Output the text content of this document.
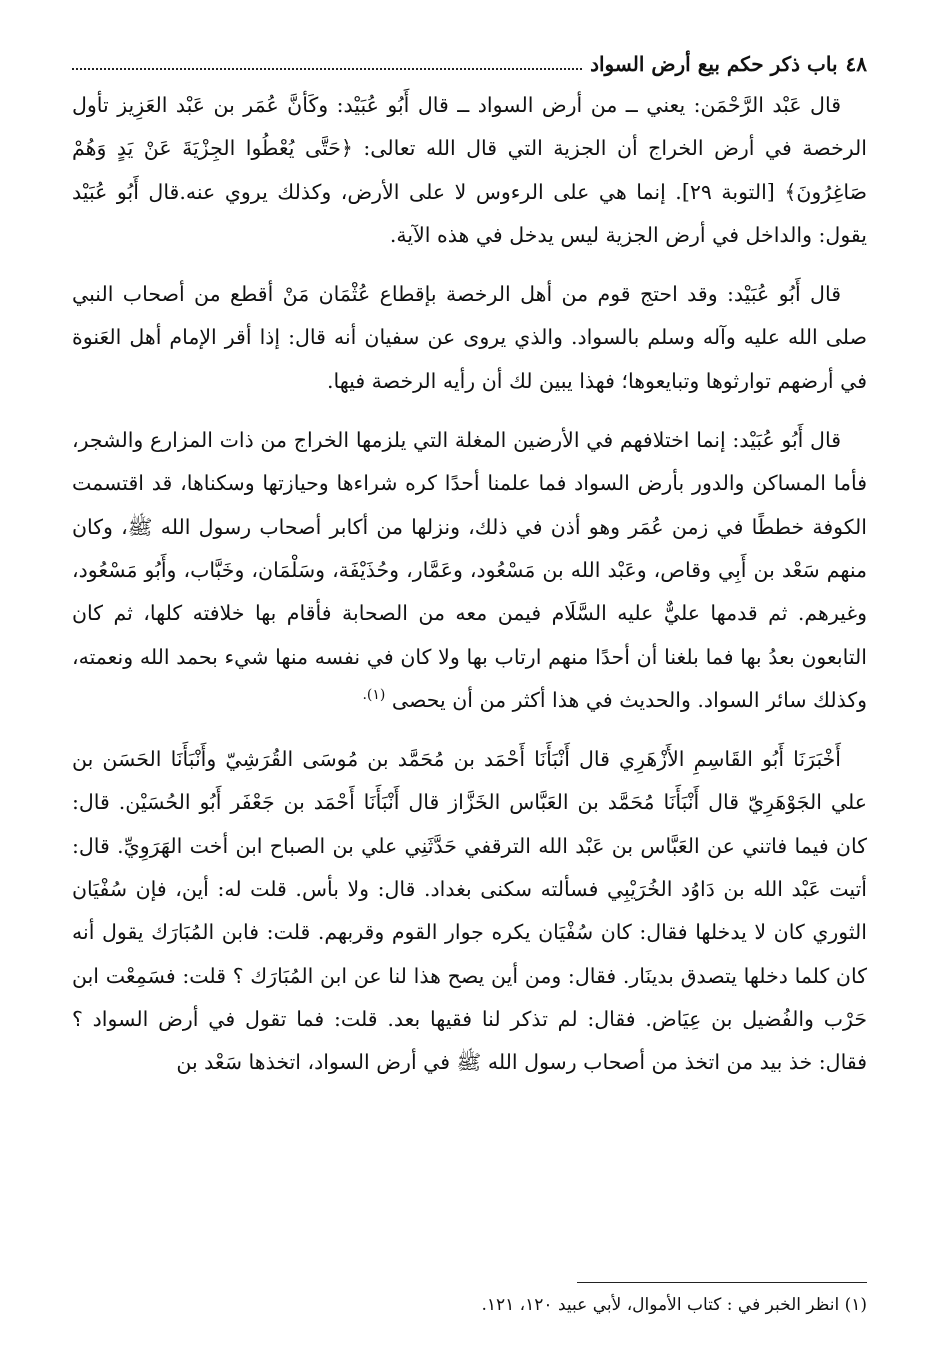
٤٨
باب ذكر حكم بيع أرض السواد

قال عَبْد الرَّحْمَن: يعني ــ من أرض السواد ــ قال أَبُو عُبَيْد: وكَأنَّ عُمَر بن عَبْد العَزِيز تأول الرخصة في أرض الخراج أن الجزية التي قال الله تعالى: ﴿حَتَّى يُعْطُوا الجِزْيَةَ عَنْ يَدٍ وَهُمْ صَاغِرُونَ﴾ [التوبة ٢٩]. إنما هي على الرءوس لا على الأرض، وكذلك يروي عنه.قال أَبُو عُبَيْد يقول: والداخل في أرض الجزية ليس يدخل في هذه الآية.

قال أَبُو عُبَيْد: وقد احتج قوم من أهل الرخصة بإقطاع عُثْمَان مَنْ أقطع من أصحاب النبي صلى الله عليه وآله وسلم بالسواد. والذي يروى عن سفيان أنه قال: إذا أقر الإمام أهل العَنوة في أرضهم توارثوها وتبايعوها؛ فهذا يبين لك أن رأيه الرخصة فيها.

قال أَبُو عُبَيْد: إنما اختلافهم في الأرضين المغلة التي يلزمها الخراج من ذات المزارع والشجر، فأما المساكن والدور بأرض السواد فما علمنا أحدًا كره شراءها وحيازتها وسكناها، قد اقتسمت الكوفة خططًا في زمن عُمَر وهو أذن في ذلك، ونزلها من أكابر أصحاب رسول الله ﷺ، وكان منهم سَعْد بن أَبِي وقاص، وعَبْد الله بن مَسْعُود، وعَمَّار، وحُذَيْفَة، وسَلْمَان، وخَبَّاب، وأَبُو مَسْعُود، وغيرهم. ثم قدمها عليٌّ عليه السَّلَام فيمن معه من الصحابة فأقام بها خلافته كلها، ثم كان التابعون بعدُ بها فما بلغنا أن أحدًا منهم ارتاب بها ولا كان في نفسه منها شيء بحمد الله ونعمته، وكذلك سائر السواد. والحديث في هذا أكثر من أن يحصى $^{(١).}$

أَخْبَرَنَا أَبُو القَاسِمِ الأَزْهَرِي قال أَنْبَأَنَا أَحْمَد بن مُحَمَّد بن مُوسَى القُرَشِيّ وأَنْبَأَنَا الحَسَن بن علي الجَوْهَرِيّ قال أَنْبَأَنَا مُحَمَّد بن العَبَّاس الخَزَّاز قال أَنْبَأَنَا أَحْمَد بن جَعْفَر أَبُو الحُسَيْن. قال: كان فيما فاتني عن العَبَّاس بن عَبْد الله الترقفي حَدَّثَنِي علي بن الصباح ابن أخت الهَرَوِيِّ. قال: أتيت عَبْد الله بن دَاوُد الخُرَيْبِي فسألته سكنى بغداد. قال: ولا بأس. قلت له: أين، فإن سُفْيَان الثوري كان لا يدخلها فقال: كان سُفْيَان يكره جوار القوم وقربهم. قلت: فابن المُبَارَك يقول أنه كان كلما دخلها يتصدق بدينَار. فقال: ومن أين يصح هذا لنا عن ابن المُبَارَك ؟ قلت: فسَمِعْت ابن حَرْب والفُضيل بن عِيَاض. فقال: لم تذكر لنا فقيها بعد. قلت: فما تقول في أرض السواد ؟ فقال: خذ بيد من اتخذ من أصحاب رسول الله ﷺ في أرض السواد، اتخذها سَعْد بن

(١) انظر الخبر في : كتاب الأموال، لأبي عبيد ١٢٠، ١٢١.
